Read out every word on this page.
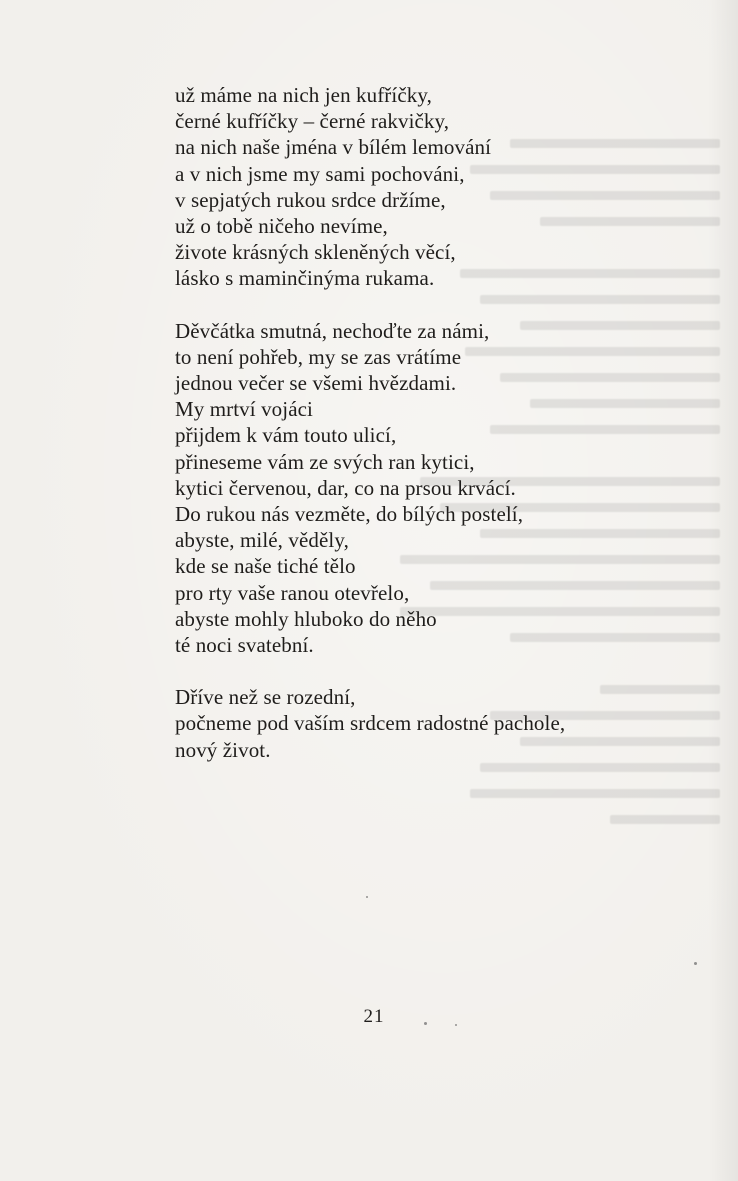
už máme na nich jen kufříčky,
černé kufříčky – černé rakvičky,
na nich naše jména v bílém lemování
a v nich jsme my sami pochováni,
v sepjatých rukou srdce držíme,
už o tobě ničeho nevíme,
živote krásných skleněných věcí,
lásko s maminčinýma rukama.
Děvčátka smutná, nechoďte za námi,
to není pohřeb, my se zas vrátíme
jednou večer se všemi hvězdami.
My mrtví vojáci
přijdem k vám touto ulicí,
přineseme vám ze svých ran kytici,
kytici červenou, dar, co na prsou krvácí.
Do rukou nás vezměte, do bílých postelí,
abyste, milé, věděly,
kde se naše tiché tělo
pro rty vaše ranou otevřelo,
abyste mohly hluboko do něho
té noci svatební.
Dříve než se rozední,
počneme pod vaším srdcem radostné pachole,
nový život.
21
